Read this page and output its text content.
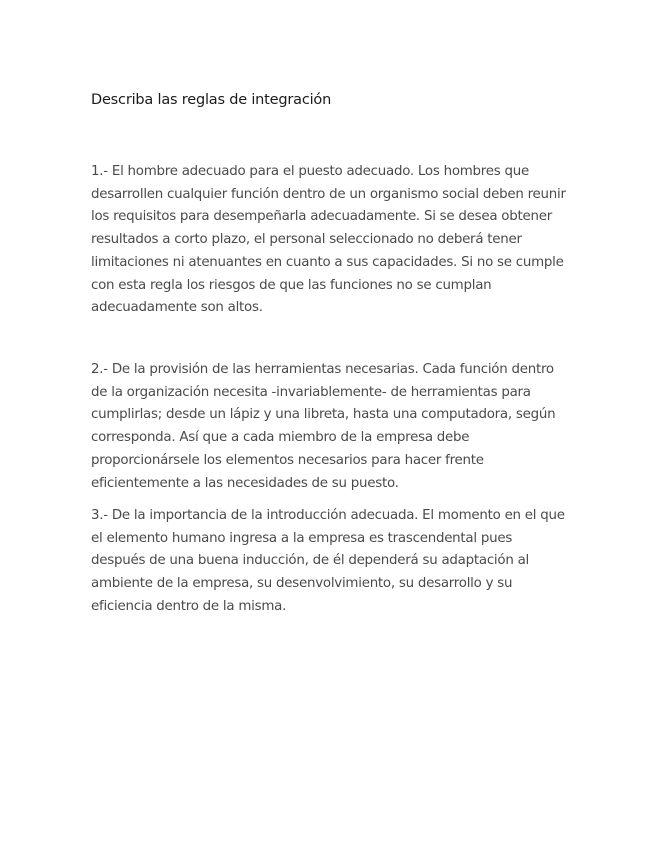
Describa las reglas de integración

1.- El hombre adecuado para el puesto adecuado. Los hombres que desarrollen cualquier función dentro de un organismo social deben reunir los requisitos para desempeñarla adecuadamente. Si se desea obtener resultados a corto plazo, el personal seleccionado no deberá tener limitaciones ni atenuantes en cuanto a sus capacidades. Si no se cumple con esta regla los riesgos de que las funciones no se cumplan adecuadamente son altos.

2.- De la provisión de las herramientas necesarias. Cada función dentro de la organización necesita -invariablemente- de herramientas para cumplirlas; desde un lápiz y una libreta, hasta una computadora, según corresponda. Así que a cada miembro de la empresa debe proporcionársele los elementos necesarios para hacer frente eficientemente a las necesidades de su puesto.

3.- De la importancia de la introducción adecuada. El momento en el que el elemento humano ingresa a la empresa es trascendental pues después de una buena inducción, de él dependerá su adaptación al ambiente de la empresa, su desenvolvimiento, su desarrollo y su eficiencia dentro de la misma.
